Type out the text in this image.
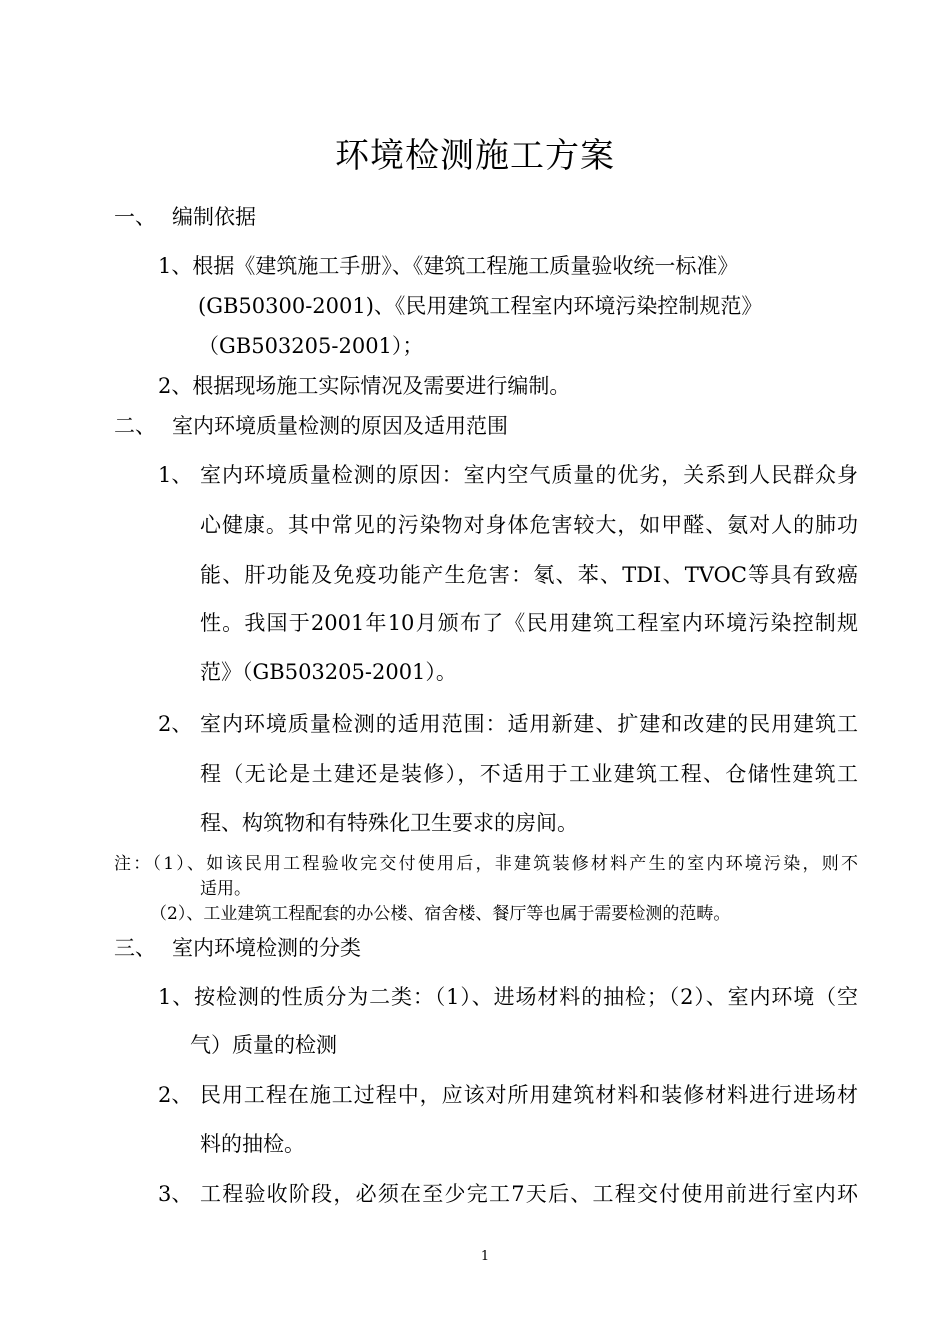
环境检测施工方案
一、 编制依据
1、根据《建筑施工手册》、《建筑工程施工质量验收统一标准》
(GB50300-2001)、《民用建筑工程室内环境污染控制规范》
（GB503205-2001）；
2、根据现场施工实际情况及需要进行编制。
二、 室内环境质量检测的原因及适用范围
1、 室内环境质量检测的原因：室内空气质量的优劣，关系到人民群众身
心健康。其中常见的污染物对身体危害较大，如甲醛、氨对人的肺功
能、肝功能及免疫功能产生危害：氡、苯、TDI、TVOC等具有致癌
性。我国于2001年10月颁布了《民用建筑工程室内环境污染控制规
范》（GB503205-2001）。
2、 室内环境质量检测的适用范围：适用新建、扩建和改建的民用建筑工
程（无论是土建还是装修），不适用于工业建筑工程、仓储性建筑工
程、构筑物和有特殊化卫生要求的房间。
注：（1）、如该民用工程验收完交付使用后，非建筑装修材料产生的室内环境污染，则不
适用。
（2）、工业建筑工程配套的办公楼、宿舍楼、餐厅等也属于需要检测的范畴。
三、 室内环境检测的分类
1、按检测的性质分为二类：（1）、进场材料的抽检；（2）、室内环境（空
气）质量的检测
2、 民用工程在施工过程中，应该对所用建筑材料和装修材料进行进场材
料的抽检。
3、 工程验收阶段，必须在至少完工7天后、工程交付使用前进行室内环
1
